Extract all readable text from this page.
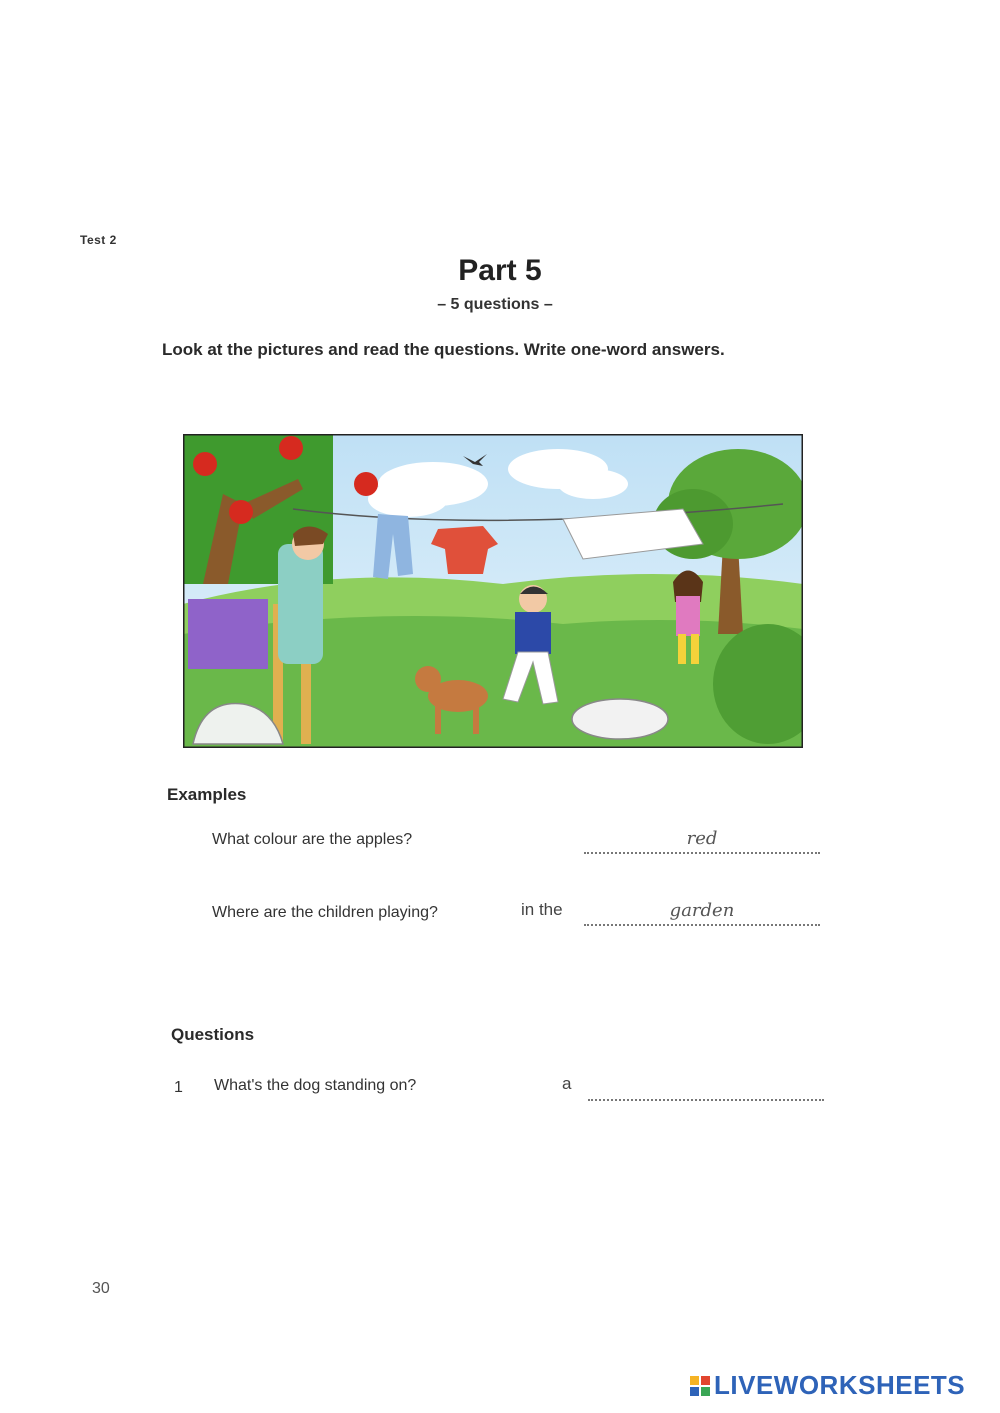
Test 2
Part 5
– 5 questions –
Look at the pictures and read the questions. Write one-word answers.
Examples
What colour are the apples?	red
Where are the children playing?	in the	garden
Questions
1 What's the dog standing on?	a
30
LIVEWORKSHEETS
